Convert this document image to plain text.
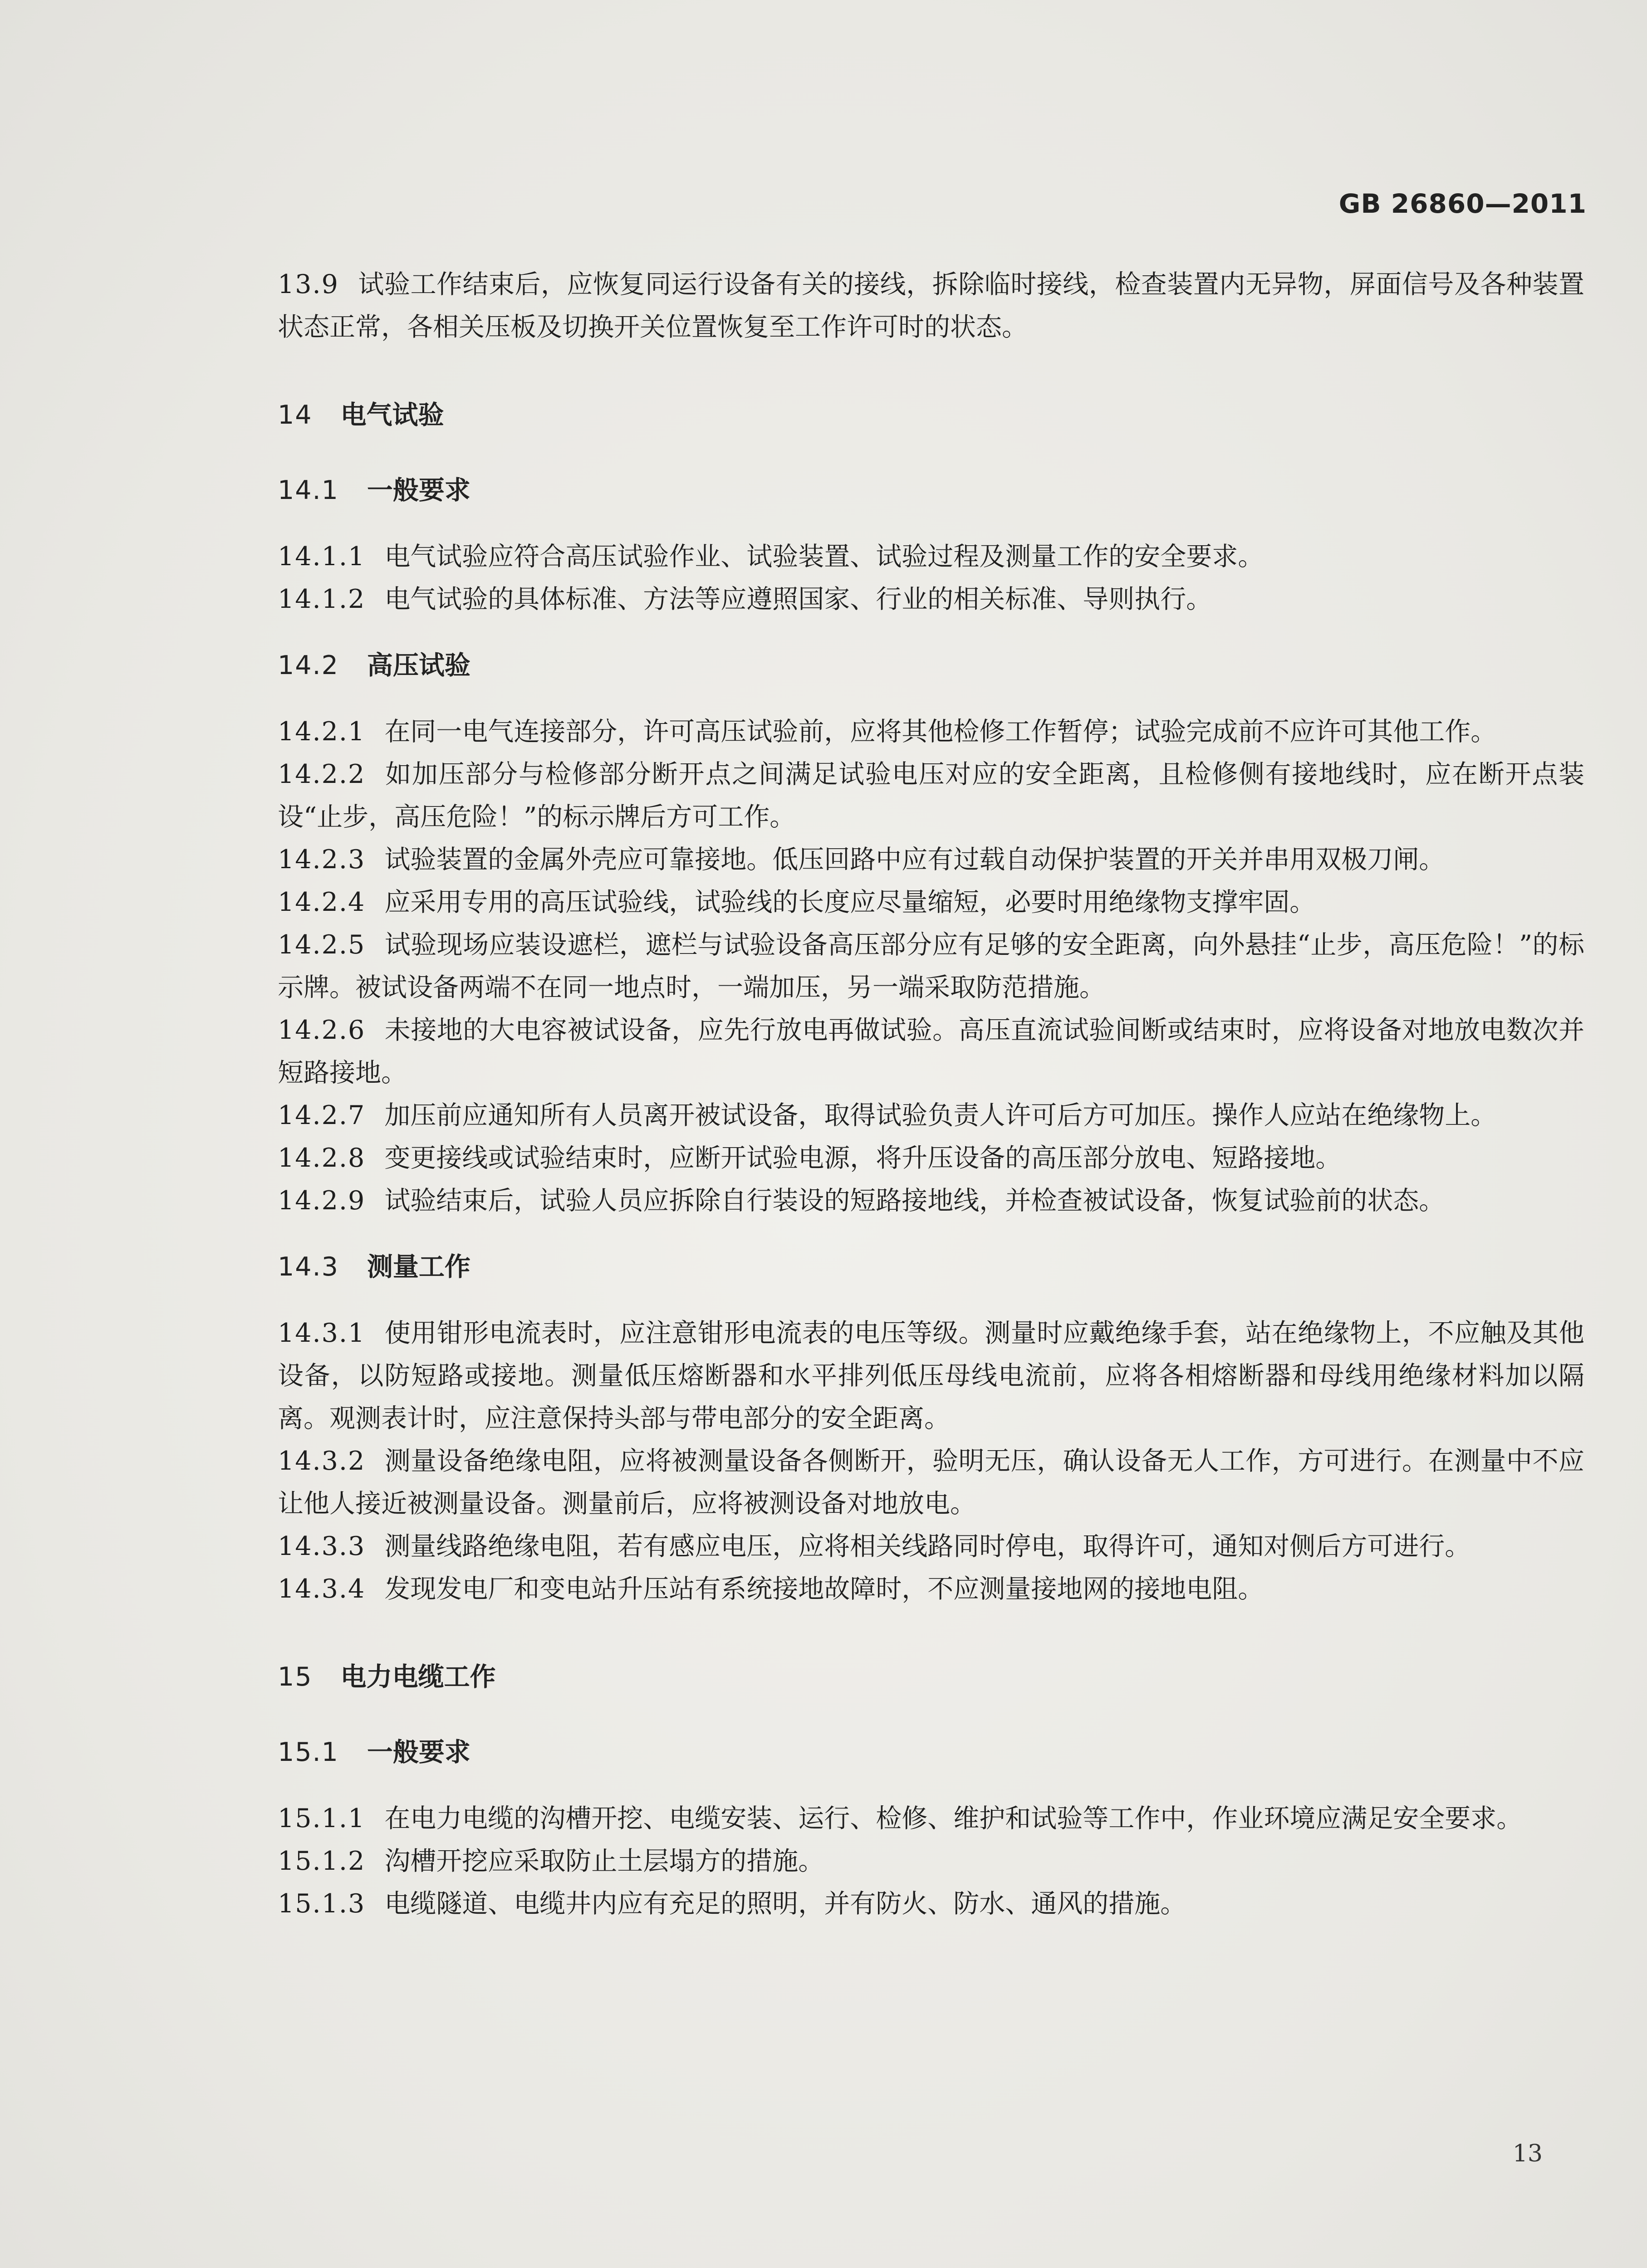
GB 26860—2011

13.9 试验工作结束后，应恢复同运行设备有关的接线，拆除临时接线，检查装置内无异物，屏面信号及各种装置状态正常，各相关压板及切换开关位置恢复至工作许可时的状态。

14 电气试验

14.1 一般要求

14.1.1 电气试验应符合高压试验作业、试验装置、试验过程及测量工作的安全要求。

14.1.2 电气试验的具体标准、方法等应遵照国家、行业的相关标准、导则执行。

14.2 高压试验

14.2.1 在同一电气连接部分，许可高压试验前，应将其他检修工作暂停；试验完成前不应许可其他工作。

14.2.2 如加压部分与检修部分断开点之间满足试验电压对应的安全距离，且检修侧有接地线时，应在断开点装设“止步，高压危险！”的标示牌后方可工作。

14.2.3 试验装置的金属外壳应可靠接地。低压回路中应有过载自动保护装置的开关并串用双极刀闸。

14.2.4 应采用专用的高压试验线，试验线的长度应尽量缩短，必要时用绝缘物支撑牢固。

14.2.5 试验现场应装设遮栏，遮栏与试验设备高压部分应有足够的安全距离，向外悬挂“止步，高压危险！”的标示牌。被试设备两端不在同一地点时，一端加压，另一端采取防范措施。

14.2.6 未接地的大电容被试设备，应先行放电再做试验。高压直流试验间断或结束时，应将设备对地放电数次并短路接地。

14.2.7 加压前应通知所有人员离开被试设备，取得试验负责人许可后方可加压。操作人应站在绝缘物上。

14.2.8 变更接线或试验结束时，应断开试验电源，将升压设备的高压部分放电、短路接地。

14.2.9 试验结束后，试验人员应拆除自行装设的短路接地线，并检查被试设备，恢复试验前的状态。

14.3 测量工作

14.3.1 使用钳形电流表时，应注意钳形电流表的电压等级。测量时应戴绝缘手套，站在绝缘物上，不应触及其他设备，以防短路或接地。测量低压熔断器和水平排列低压母线电流前，应将各相熔断器和母线用绝缘材料加以隔离。观测表计时，应注意保持头部与带电部分的安全距离。

14.3.2 测量设备绝缘电阻，应将被测量设备各侧断开，验明无压，确认设备无人工作，方可进行。在测量中不应让他人接近被测量设备。测量前后，应将被测设备对地放电。

14.3.3 测量线路绝缘电阻，若有感应电压，应将相关线路同时停电，取得许可，通知对侧后方可进行。

14.3.4 发现发电厂和变电站升压站有系统接地故障时，不应测量接地网的接地电阻。

15 电力电缆工作

15.1 一般要求

15.1.1 在电力电缆的沟槽开挖、电缆安装、运行、检修、维护和试验等工作中，作业环境应满足安全要求。

15.1.2 沟槽开挖应采取防止土层塌方的措施。

15.1.3 电缆隧道、电缆井内应有充足的照明，并有防火、防水、通风的措施。

13
